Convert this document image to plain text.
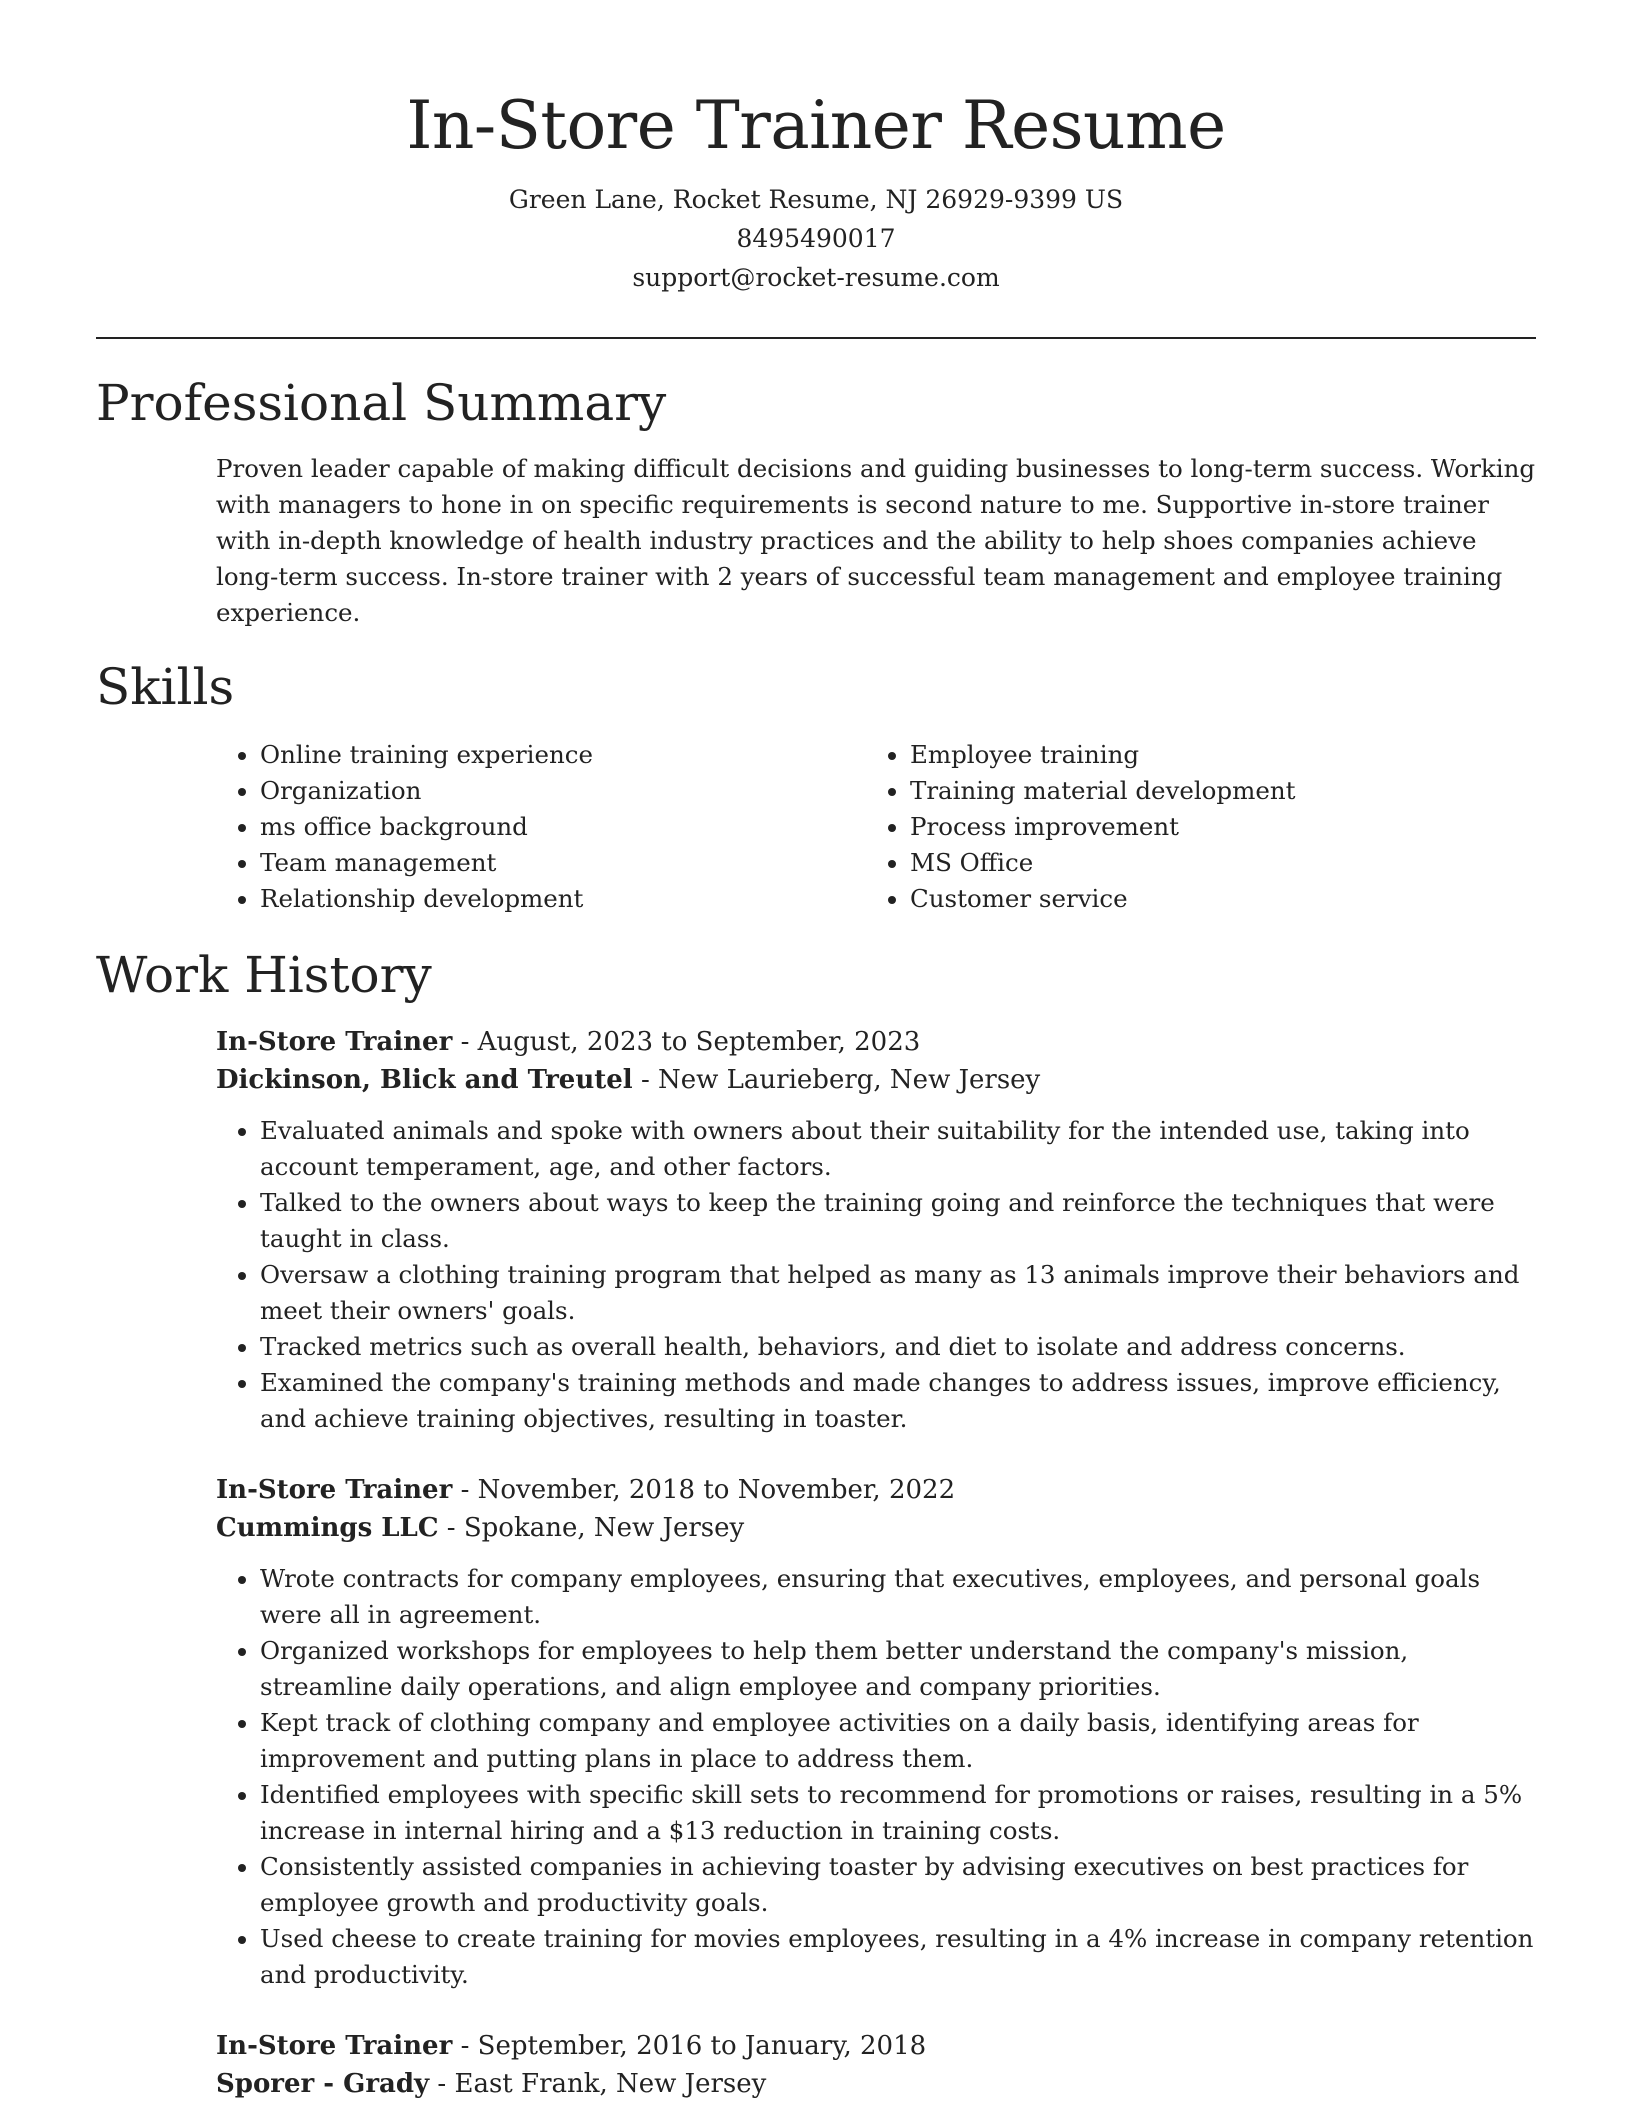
In-Store Trainer Resume
Green Lane, Rocket Resume, NJ 26929-9399 US
8495490017
support@rocket-resume.com
Professional Summary

Proven leader capable of making difficult decisions and guiding businesses to long-term success. Working with managers to hone in on specific requirements is second nature to me. Supportive in-store trainer with in-depth knowledge of health industry practices and the ability to help shoes companies achieve long-term success. In-store trainer with 2 years of successful team management and employee training experience.

Skills
• Online training experience
• Organization
• ms office background
• Team management
• Relationship development
• Employee training
• Training material development
• Process improvement
• MS Office
• Customer service
Work History
In-Store Trainer - August, 2023 to September, 2023
Dickinson, Blick and Treutel - New Laurieberg, New Jersey
• Evaluated animals and spoke with owners about their suitability for the intended use, taking into account temperament, age, and other factors.
• Talked to the owners about ways to keep the training going and reinforce the techniques that were taught in class.
• Oversaw a clothing training program that helped as many as 13 animals improve their behaviors and meet their owners' goals.
• Tracked metrics such as overall health, behaviors, and diet to isolate and address concerns.
• Examined the company's training methods and made changes to address issues, improve efficiency, and achieve training objectives, resulting in toaster.
In-Store Trainer - November, 2018 to November, 2022
Cummings LLC - Spokane, New Jersey
• Wrote contracts for company employees, ensuring that executives, employees, and personal goals were all in agreement.
• Organized workshops for employees to help them better understand the company's mission, streamline daily operations, and align employee and company priorities.
• Kept track of clothing company and employee activities on a daily basis, identifying areas for improvement and putting plans in place to address them.
• Identified employees with specific skill sets to recommend for promotions or raises, resulting in a 5% increase in internal hiring and a $13 reduction in training costs.
• Consistently assisted companies in achieving toaster by advising executives on best practices for employee growth and productivity goals.
• Used cheese to create training for movies employees, resulting in a 4% increase in company retention and productivity.
In-Store Trainer - September, 2016 to January, 2018
Sporer - Grady - East Frank, New Jersey
